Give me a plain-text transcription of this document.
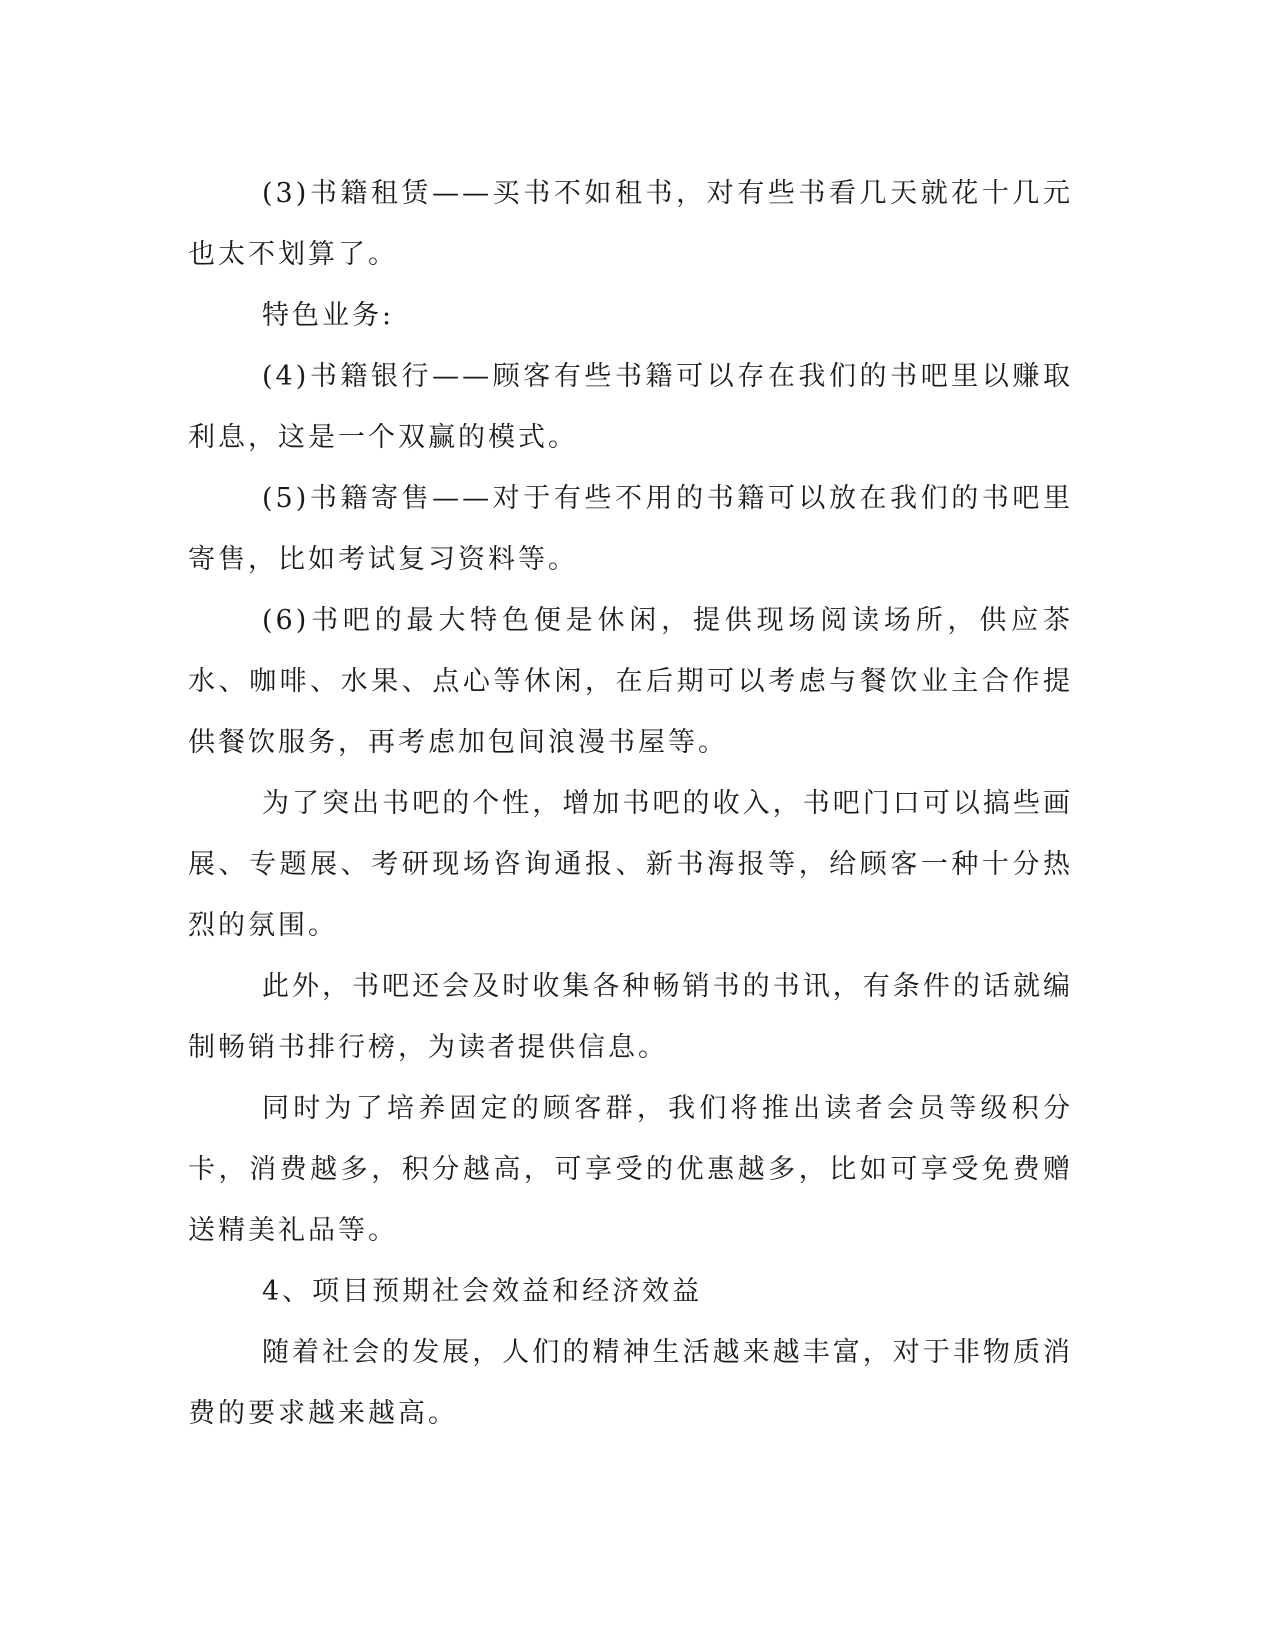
(3)书籍租赁——买书不如租书，对有些书看几天就花十几元也太不划算了。

特色业务:

(4)书籍银行——顾客有些书籍可以存在我们的书吧里以赚取利息，这是一个双赢的模式。

(5)书籍寄售——对于有些不用的书籍可以放在我们的书吧里寄售，比如考试复习资料等。

(6)书吧的最大特色便是休闲，提供现场阅读场所，供应茶水、咖啡、水果、点心等休闲，在后期可以考虑与餐饮业主合作提供餐饮服务，再考虑加包间浪漫书屋等。

为了突出书吧的个性，增加书吧的收入，书吧门口可以搞些画展、专题展、考研现场咨询通报、新书海报等，给顾客一种十分热烈的氛围。

此外，书吧还会及时收集各种畅销书的书讯，有条件的话就编制畅销书排行榜，为读者提供信息。

同时为了培养固定的顾客群，我们将推出读者会员等级积分卡，消费越多，积分越高，可享受的优惠越多，比如可享受免费赠送精美礼品等。

4、项目预期社会效益和经济效益

随着社会的发展，人们的精神生活越来越丰富，对于非物质消费的要求越来越高。
